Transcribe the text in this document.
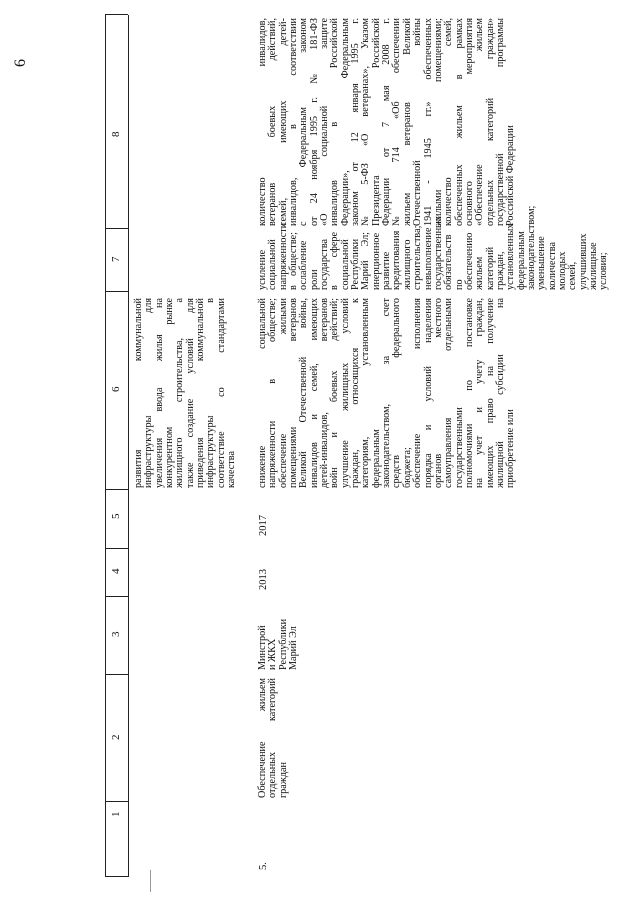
6
1
2
3
4
5
6
7
8
развития коммунальной инфраструктуры для увеличения ввода жилья на конкурентном рынке жилищного строительства, а также создание условий для приведения коммунальной инфраструктуры в соответствие со стандартами качества
5.
Обеспечение жильем отдельных категорий граждан
Минстрой и ЖКХ Республики Марий Эл
2013
2017
снижение социальной напряженности в обществе; обеспечение жилыми помещениями ветеранов Великой Отечественной войны, инвалидов и семей, имеющих детей-инвалидов, ветеранов войн и боевых действий; улучшение жилищных условий граждан, относящихся к категориям, установленным федеральным законодательством, за счет средств федерального бюджета; обеспечение исполнения порядка и условий наделения органов местного самоуправления отдельными государственными полномочиями по постановке на учет и учету граждан, имеющих право на получение жилищной субсидии на приобретение или
усиление социальной напряженности в обществе; ослабление роли государства в сфере социальной Республики Марий Эл; инерционное развитие кредитования жилищного строительства; невыполнение государственных обязательств по обеспечению жильем категорий граждан, установленных федеральным законодательством; уменьшение количества молодых семей, улучшивших жилищные условия;
количество инвалидов, ветеранов боевых действий, семей, имеющих детей- инвалидов, в соответствии с Федеральным законом от 24 ноября 1995 г. № 181-ФЗ «О социальной защите инвалидов в Российской Федерации», Федеральным законом от 12 января 1995 г. № 5-ФЗ «О ветеранах», Указом Президента Российской Федерации от 7 мая 2008 г. № 714 «Об обеспечении жильем ветеранов Великой Отечественной войны 1941 - 1945 гг.» обеспеченных жилыми помещениями; количество семей, обеспеченных жильем в рамках основного мероприятия «Обеспечение жильем отдельных категорий граждан» государственной программы Российской Федерации
